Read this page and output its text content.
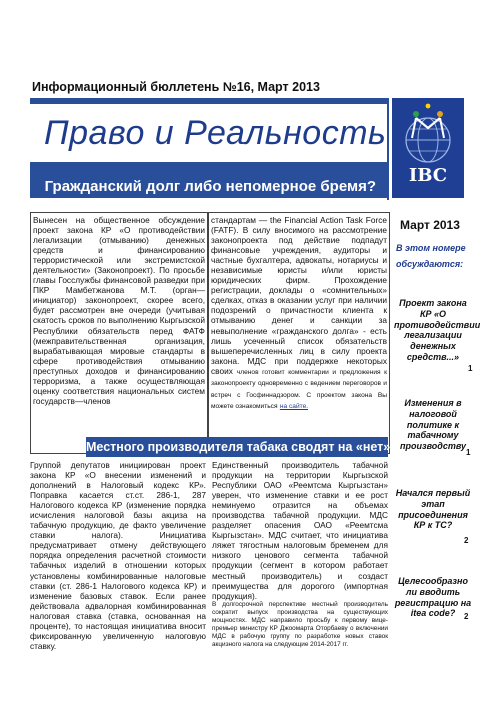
Информационный бюллетень №16, Март 2013
Право и Реальность
Гражданский долг либо непомерное бремя?
IBC
Вынесен на общественное обсуждение проект закона КР «О противодействии легализации (отмыванию) денежных средств и финансированию террористической или экстремистской деятельности» (Законопроект). По просьбе главы Госслужбы финансовой разведки при ПКР Мамбетжанова М.Т. (орган—инициатор) законопроект, скорее всего, будет рассмотрен вне очереди (учитывая скатость сроков по выполнению Кыргызской Республики обязательств перед ФАТФ (межправительственная организация, вырабатывающая мировые стандарты в сфере противодействия отмыванию преступных доходов и финансированию терроризма, а также осуществляющая оценку соответствия национальных систем государств—членов
стандартам — the Financial Action Task Force (FATF). В силу вносимого на рассмотрение законопроекта под действие подпадут финансовые учреждения, аудиторы и частные бухгалтера, адвокаты, нотариусы и независимые юристы и/или юристы юридических фирм. Прохождение регистрации, доклады о «сомнительных» сделках, отказ в оказании услуг при наличии подозрений о причастности клиента к отмыванию денег и санкции за невыполнение «гражданского долга» - есть лишь усеченный список обязательств вышеперечисленных лиц в силу проекта закона. МДС при поддержке некоторых своих членов готовит комментарии и предложения к законопроекту одновременно с ведением переговоров и встреч с Госфиннадзором. С проектом закона Вы можете ознакомиться на сайте.
Местного производителя табака сводят на «нет»
Группой депутатов инициирован проект закона КР «О внесении изменений и дополнений в Налоговый кодекс КР». Поправка касается ст.ст. 286-1, 287 Налогового кодекса КР (изменение порядка исчисления налоговой базы акциза на табачную продукцию, де факто увеличение ставки налога). Инициатива предусматривает отмену действующего порядка определения расчетной стоимости табачных изделий в отношении которых установлены комбинированные налоговые ставки (ст. 286-1 Налогового кодекса КР) и изменение базовых ставок. Если ранее действовала адвалорная комбинированная налоговая ставка (ставка, основанная на проценте), то настоящая инициатива вносит фиксированную увеличенную налоговую ставку.
Единственный производитель табачной продукции на территории Кыргызской Республики ОАО «Реемтсма Кыргызстан» уверен, что изменение ставки и ее рост неминуемо отразится на объемах производства табачной продукции. МДС разделяет опасения ОАО «Реемтсма Кыргызстан». МДС считает, что инициатива ляжет тягостным налоговым бременем для низкого ценового сегмента табачной продукции (сегмент в котором работает местный производитель) и создаст преимущества для дорогого (импортная продукция).
В долгосрочной перспективе местный производитель сократит выпуск производства на существующих мощностях. МДС направило просьбу к первому вице-премьер министру КР Джоомарта Оторбаеву о включении МДС в рабочую группу по разработке новых ставок акцизного налога на следующие 2014-2017 гг.
Март 2013
В этом номере обсуждаются:
Проект закона КР «О противодействии легализации денежных средств...»
1
Изменения в налоговой политике к табачному производству
1
Начался первый этап присоединения КР к ТС?
2
Целесообразно ли вводить регистрацию на itea code?	2
